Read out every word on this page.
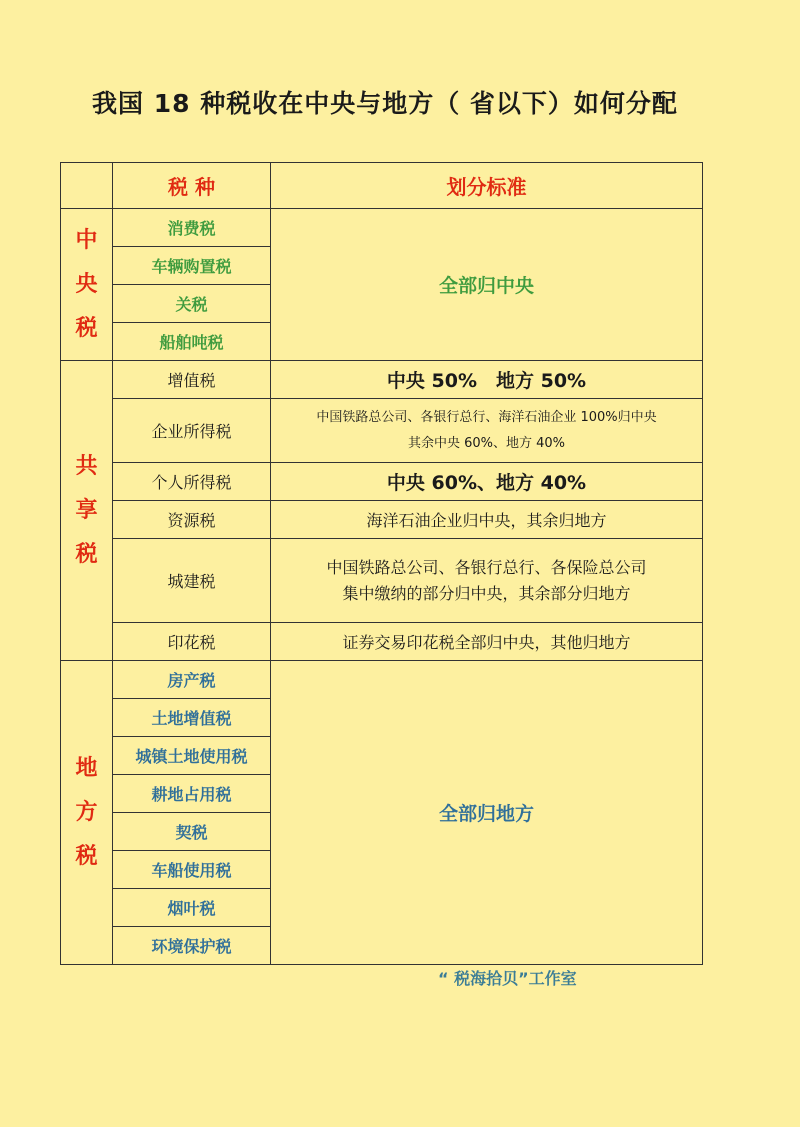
我国 18 种税收在中央与地方（ 省以下）如何分配
	税 种	划分标准

中
央
税	消费税	全部归中央
	车辆购置税	
	关税	
	船舶吨税	

共
享
税	增值税	中央 50%　地方 50%
	企业所得税	中国铁路总公司、各银行总行、海洋石油企业 100%归中央
其余中央 60%、地方 40%

	个人所得税	中央 60%、地方 40%
	资源税	海洋石油企业归中央，其余归地方
	城建税	中国铁路总公司、各银行总行、各保险总公司
集中缴纳的部分归中央，其余部分归地方

	印花税	证券交易印花税全部归中央，其他归地方

地
方
税	房产税	全部归地方
	土地增值税	
	城镇土地使用税	
	耕地占用税	
	契税	
	车船使用税	
	烟叶税	
	环境保护税	
“ 税海拾贝”工作室
